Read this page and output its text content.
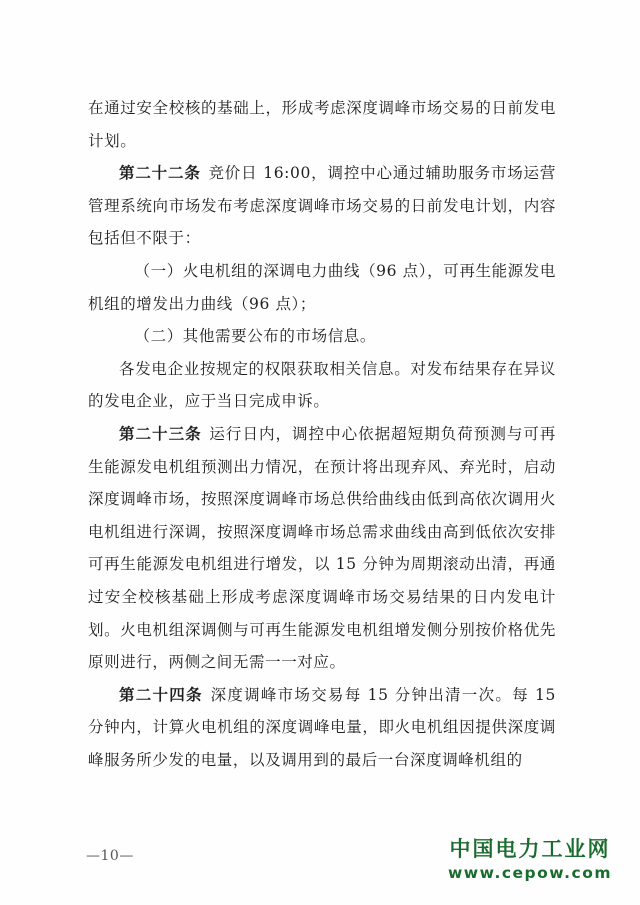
在通过安全校核的基础上，形成考虑深度调峰市场交易的日前发电计划。

第二十二条 竞价日 16:00，调控中心通过辅助服务市场运营管理系统向市场发布考虑深度调峰市场交易的日前发电计划，内容包括但不限于：

（一）火电机组的深调电力曲线（96 点），可再生能源发电机组的增发出力曲线（96 点）；

（二）其他需要公布的市场信息。

各发电企业按规定的权限获取相关信息。对发布结果存在异议的发电企业，应于当日完成申诉。

第二十三条 运行日内，调控中心依据超短期负荷预测与可再生能源发电机组预测出力情况，在预计将出现弃风、弃光时，启动深度调峰市场，按照深度调峰市场总供给曲线由低到高依次调用火电机组进行深调，按照深度调峰市场总需求曲线由高到低依次安排可再生能源发电机组进行增发，以 15 分钟为周期滚动出清，再通过安全校核基础上形成考虑深度调峰市场交易结果的日内发电计划。火电机组深调侧与可再生能源发电机组增发侧分别按价格优先原则进行，两侧之间无需一一对应。

第二十四条 深度调峰市场交易每 15 分钟出清一次。每 15 分钟内，计算火电机组的深度调峰电量，即火电机组因提供深度调峰服务所少发的电量，以及调用到的最后一台深度调峰机组的

—10—	中国电力工业网
www.cepow.com
